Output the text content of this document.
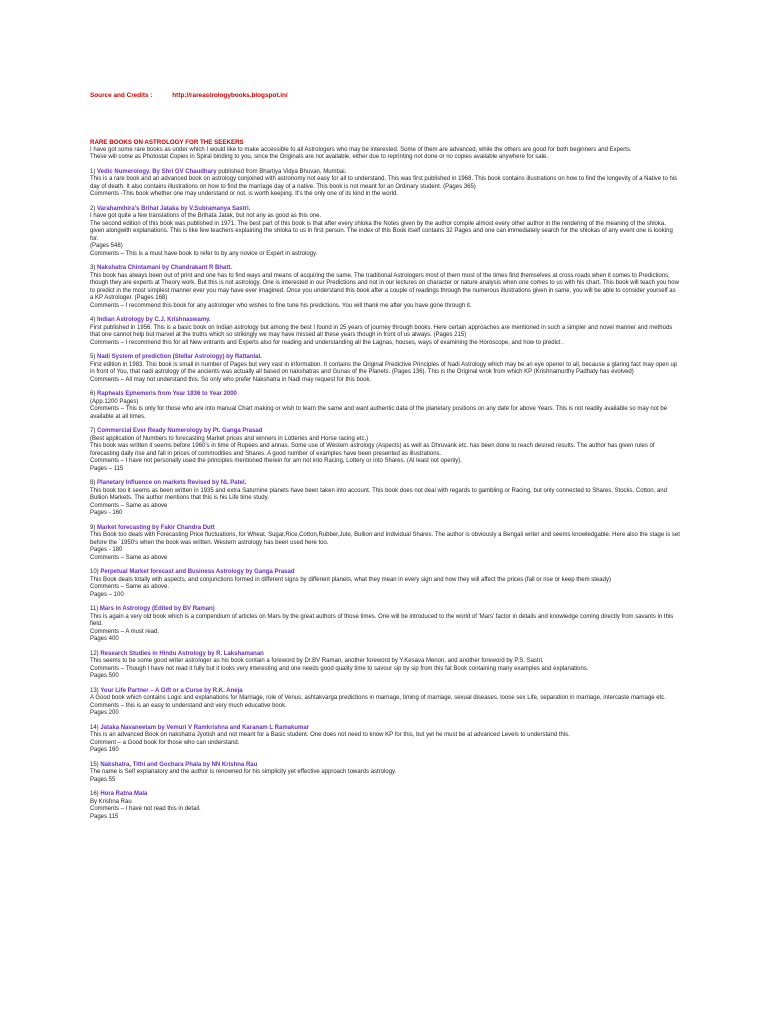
Source and Credits :	http://rareastrologybooks.blogspot.in/
RARE BOOKS ON ASTROLOGY FOR THE SEEKERS
I have got some rare books as under which I would like to make accessible to all Astrologers who may be interested. Some of them are advanced, while the others are good for both beginners and Experts.
These will come as Photostat Copies in Spiral binding to you, since the Originals are not available, either due to reprinting not done or no copies available anywhere for sale.
1) Vedic Numerology. By Shri GV Chaudhary published from Bhartiya Vidya Bhuvan, Mumbai.
This is a rare book and an advanced book on astrology conjoined with astronomy not easy for all to understand. This was first published in 1968. This book contains illustrations on how to find the longevity of a Native to his day of death. It also contains illustrations on how to find the marriage day of a native. This book is not meant for an Ordinary student. (Pages 365)
Comments -This book whether one may understand or not, is worth keeping. It's the only one of its kind in the world.
2) Varahamihira's Brihat Jataka by V.Subramanya Sastri.
I have got quite a few translations of the Brihata Jatak, but not any as good as this one.
The second edition of this book was published in 1971. The best part of this book is that after every shloka the Notes given by the author compile almost every other author in the rendering of the meaning of the shloka, given alongwith explanations. This is like few teachers explaining the shloka to us in first person. The index of this Book itself contains 32 Pages and one can immediately search for the shlokas of any event one is looking for.
(Pages 548)
Comments – This is a must have book to refer to by any novice or Expert in astrology.
3) Nakshatra Chintamani by Chandrakant R Bhatt.
This book has always been out of print and one has to find ways and means of acquiring the same. The traditional Astrologers most of them most of the times find themselves at cross roads when it comes to Predictions, though they are experts at Theory work. But this is not astrology. One is interested in our Predictions and not in our lectures on character or nature analysis when one comes to us with his chart. This book will teach you how to predict in the most simplest manner ever you may have ever imagined. Once you understand this book after a couple of readings through the numerous illustrations given in same, you will be able to consider yourself as a KP Astrologer. (Pages 168)
Comments – I recommend this book for any astrologer who wishes to fine tune his predictions. You will thank me after you have gone through it.
4) Indian Astrology by C.J. Krishnaswamy.
First published in 1956. This is a basic book on Indian astrology but among the best I found in 25 years of journey through books. Here certain approaches are mentioned in such a simpler and novel manner and methods that one cannot help but marvel at the truths which so strikingly we may have missed all these years though in front of us always. (Pages 215)
Comments – I recommend this for all New entrants and Experts also for reading and understanding all the Lagnas, houses, ways of examining the Horoscope, and how to predict .
5) Nadi System of prediction (Stellar Astrology) by Rattanlal.
First edition in 1983. This book is small in number of Pages but very vast in information. It contains the Original Predictive Principles of Nadi Astrology which may be an eye opener to all, because a glaring fact may open up in front of You, that nadi astrology of the ancients was actually all based on nakshatras and Gunas of the Planets. (Pages 136). This is the Original wrok from which KP (Krishnamurthy Padhaty has evolved)
Comments – All may not understand this. So only who prefer Nakshatra in Nadi may request for this book.
6) Rapheals Ephemeris from Year 1936 to Year 2000
(App.1200 Pages)
Comments – This is only for those who are into manual Chart making or wish to learn the same and want authentic data of the planetary positions on any date for above Years. This is not readily available so may not be available at all times.
7) Commercial Ever Ready Numerology by Pt. Ganga Prasad
(Best application of Numbers to forecasting Market prices and winners in Lotteries and Horse racing etc.)
This book was written it seems before 1960's in time of Rupees and annas. Some use of Western astrology (Aspects) as well as Dhruvank etc. has been done to reach desired results. The author has given rules of forecasting daily rise and fall in prices of commodities and Shares. A good number of examples have been presented as illustrations.
Comments – I have not personally used the principles mentioned therein for am not into Racing, Lottery or into Shares. (At least not openly).
Pages – 115
8) Planetary Influence on markets Revised by NL Patel.
This book too it seems as been written in 1935 and extra Saturnine planets have been taken into account. This book does not deal with regards to gambling or Racing, but only connected to Shares, Stocks, Cotton, and Bullion Markets. The author mentions that this is his Life time study.
Comments – Same as above
Pages - 160
9) Market forecasting by Fakir Chandra Dutt
This Book too deals with Forecasting Price fluctuations, for Wheat, Sugar,Rice,Cotton,Rubber,Jute, Bullion and Individual Shares. The author is obviously a Bengali writer and seems knowledgable. Here also the stage is set before the `1950's when the book was written. Western astrology has been used here too.
Pages - 180
Comments – Same as above
10) Perpetual Market forecast and Business Astrology by Ganga Prasad
This Book deals totally with aspects, and conjunctions formed in different signs by different planets, what they mean in every sign and how they will affect the prices (fall or rise or keep them steady)
Comments – Same as above.
Pages – 100
11) Mars in Astrology (Edited by BV Raman)
This is again a very old book which is a compendium of articles on Mars by the great authors of those times. One will be introduced to the world of 'Mars' factor in details and knowledge coming directly from savants in this field.
Comments – A must read.
Pages 400
12) Research Studies in Hindu Astrology by R. Lakshamanan
This seems to be some good writer astrologer as his book contain a foreword by Dr.BV Raman, another foreword by Y.Kesava Menon, and another foreword by P.S. Sastri.
Comments – Though I have not read it fully but it looks very interesting and one needs good quality time to savour sip by sip from this fat Book containing many examples and explanations.
Pages 500
13) Your Life Partner – A Gift or a Curse by R.K. Aneja
A Good book which contains Logic and explanations for Marriage, role of Venus, ashtakvarga predictions in marriage, timing of marriage, sexual diseases, loose sex Life, separation in marriage, intercaste marriage etc.
Comments – this is an easy to understand and very much educative book.
Pages 200
14) Jataka Navaneetam by Vemuri V Ramkrishna and Karanam L Ramakumar
This is an advanced Book on nakshatra Jyotish and not meant for a Basic student. One does not need to know KP for this, but yet he must be at advanced Levels to understand this.
Comment – a Good book for those who can understand.
Pages 160
15) Nakshatra, Tithi and Gochara Phala by NN Krishna Rau
The name is Self explanatory and the author is renowned for his simplicity yet effective approach towards astrology.
Pages 55
16) Hora Ratna Mala
By Krishna Rau
Comments – I have not read this in detail.
Pages 115
